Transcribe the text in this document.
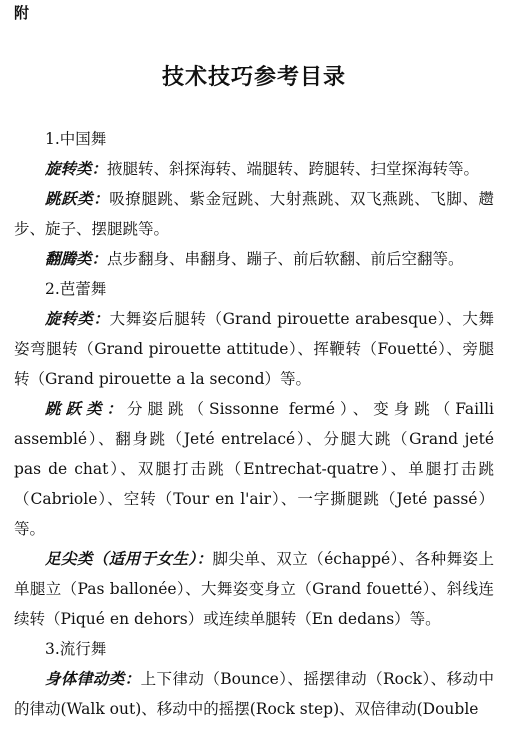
附
技术技巧参考目录
1.中国舞

旋转类：掖腿转、斜探海转、端腿转、跨腿转、扫堂探海转等。

跳跃类：吸撩腿跳、紫金冠跳、大射燕跳、双飞燕跳、飞脚、趱步、旋子、摆腿跳等。

翻腾类：点步翻身、串翻身、蹦子、前后软翻、前后空翻等。

2.芭蕾舞

旋转类：大舞姿后腿转（Grand pirouette arabesque）、大舞姿弯腿转（Grand pirouette attitude）、挥鞭转（Fouetté）、旁腿转（Grand pirouette a la second）等。

跳跃类：分腿跳（Sissonne fermé）、变身跳（Failli assemblé）、翻身跳（Jeté entrelacé）、分腿大跳（Grand jeté pas de chat）、双腿打击跳（Entrechat-quatre）、单腿打击跳（Cabriole）、空转（Tour en l'air）、一字撕腿跳（Jeté passé）等。

足尖类（适用于女生）：脚尖单、双立（échappé）、各种舞姿上单腿立（Pas ballonée）、大舞姿变身立（Grand fouetté）、斜线连续转（Piqué en dehors）或连续单腿转（En dedans）等。

3.流行舞

身体律动类：上下律动（Bounce）、摇摆律动（Rock）、移动中的律动(Walk out)、移动中的摇摆(Rock step)、双倍律动(Double
